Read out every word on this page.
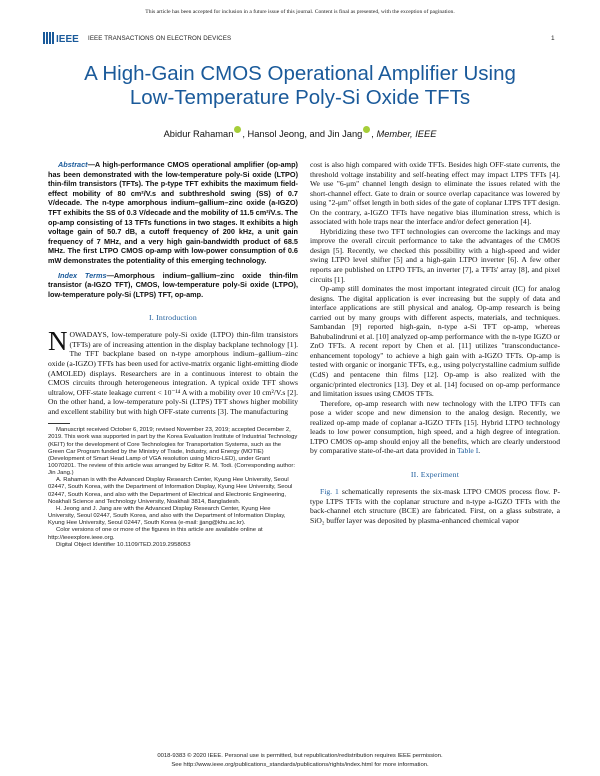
This article has been accepted for inclusion in a future issue of this journal. Content is final as presented, with the exception of pagination.
IEEE IEEE TRANSACTIONS ON ELECTRON DEVICES	1
A High-Gain CMOS Operational Amplifier Using
Low-Temperature Poly-Si Oxide TFTs
Abidur Rahaman , Hansol Jeong, and Jin Jang , Member, IEEE
Abstract—A high-performance CMOS operational amplifier (op-amp) has been demonstrated with the low-temperature poly-Si oxide (LTPO) thin-film transistors (TFTs). The p-type TFT exhibits the maximum field-effect mobility of 80 cm²/V.s and subthreshold swing (SS) of 0.7 V/decade. The n-type amorphous indium–gallium–zinc oxide (a-IGZO) TFT exhibits the SS of 0.3 V/decade and the mobility of 11.5 cm²/V.s. The op-amp consisting of 13 TFTs functions in two stages. It exhibits a high voltage gain of 50.7 dB, a cutoff frequency of 200 kHz, a unit gain frequency of 7 MHz, and a very high gain-bandwidth product of 68.5 MHz. The first LTPO CMOS op-amp with low-power consumption of 0.6 mW demonstrates the potentiality of this emerging technology.
Index Terms—Amorphous indium–gallium–zinc oxide thin-film transistor (a-IGZO TFT), CMOS, low-temperature poly-Si oxide (LTPO), low-temperature poly-Si (LTPS) TFT, op-amp.
I. Introduction
NOWADAYS, low-temperature poly-Si oxide (LTPO) thin-film transistors (TFTs) are of increasing attention in the display backplane technology [1]. The TFT backplane based on n-type amorphous indium–gallium–zinc oxide (a-IGZO) TFTs has been used for active-matrix organic light-emitting diode (AMOLED) displays. Researchers are in a continuous interest to obtain the CMOS circuits through heterogeneous integration. A typical oxide TFT shows ultralow, OFF-state leakage current < 10⁻¹⁴ A with a mobility over 10 cm²/V.s [2]. On the other hand, a low-temperature poly-Si (LTPS) TFT shows higher mobility and excellent stability but with high OFF-state currents [3]. The manufacturing

Manuscript received October 6, 2019; revised November 23, 2019; accepted December 2, 2019. This work was supported in part by the Korea Evaluation Institute of Industrial Technology (KEIT) for the development of Core Technologies for Transportation Systems, such as the Green Car Program funded by the Ministry of Trade, Industry, and Energy (MOTIE) (Development of Smart Head Lamp of VGA resolution using Micro-LED), under Grant 10070201. The review of this article was arranged by Editor R. M. Todi. (Corresponding author: Jin Jang.)

A. Rahaman is with the Advanced Display Research Center, Kyung Hee University, Seoul 02447, South Korea, with the Department of Information Display, Kyung Hee University, Seoul 02447, South Korea, and also with the Department of Electrical and Electronic Engineering, Noakhali Science and Technology University, Noakhali 3814, Bangladesh.

H. Jeong and J. Jang are with the Advanced Display Research Center, Kyung Hee University, Seoul 02447, South Korea, and also with the Department of Information Display, Kyung Hee University, Seoul 02447, South Korea (e-mail: jjang@khu.ac.kr).

Color versions of one or more of the figures in this article are available online at http://ieeexplore.ieee.org.

Digital Object Identifier 10.1109/TED.2019.2958053

cost is also high compared with oxide TFTs. Besides high OFF-state currents, the threshold voltage instability and self-heating effect may impact LTPS TFTs [4]. We use "6-μm" channel length design to eliminate the issues related with the short-channel effect. Gate to drain or source overlap capacitance was lowered by using "2-μm" offset length in both sides of the gate of coplanar LTPS TFT design. On the contrary, a-IGZO TFTs have negative bias illumination stress, which is associated with hole traps near the interface and/or defect generation [4].

Hybridizing these two TFT technologies can overcome the lackings and may improve the overall circuit performance to take the advantages of the CMOS design [5]. Recently, we checked this possibility with a high-speed and wider swing LTPO level shifter [5] and a high-gain LTPO inverter [6]. A few other reports are published on LTPO TFTs, an inverter [7], a TFTs' array [8], and pixel circuits [1].

Op-amp still dominates the most important integrated circuit (IC) for analog designs. The digital application is ever increasing but the supply of data and interface applications are still physical and analog. Op-amp research is being carried out by many groups with different aspects, materials, and techniques. Sambandan [9] reported high-gain, n-type a-Si TFT op-amp, whereas Bahubalindruni et al. [10] analyzed op-amp performance with the n-type IGZO or ZnO TFTs. A recent report by Chen et al. [11] utilizes "transconductance-enhancement topology" to achieve a high gain with a-IGZO TFTs. Op-amp is tested with organic or inorganic TFTs, e.g., using polycrystalline cadmium sulfide (CdS) and pentacene thin films [12]. Op-amp is also realized with the organic/printed electronics [13]. Dey et al. [14] focused on op-amp performance and limitation issues using CMOS TFTs.

Therefore, op-amp research with new technology with the LTPO TFTs can pose a wider scope and new dimension to the analog design. Recently, we realized op-amp made of coplanar a-IGZO TFTs [15]. Hybrid LTPO technology leads to low power consumption, high speed, and a high degree of integration. LTPO CMOS op-amp should enjoy all the benefits, which are clearly understood by comparative state-of-the-art data provided in Table I.

II. Experiment

Fig. 1 schematically represents the six-mask LTPO CMOS process flow. P-type LTPS TFTs with the coplanar structure and n-type a-IGZO TFTs with the back-channel etch structure (BCE) are fabricated. First, on a glass substrate, a SiO₂ buffer layer was deposited by plasma-enhanced chemical vapor

0018-9383 © 2020 IEEE. Personal use is permitted, but republication/redistribution requires IEEE permission.
See http://www.ieee.org/publications_standards/publications/rights/index.html for more information.
